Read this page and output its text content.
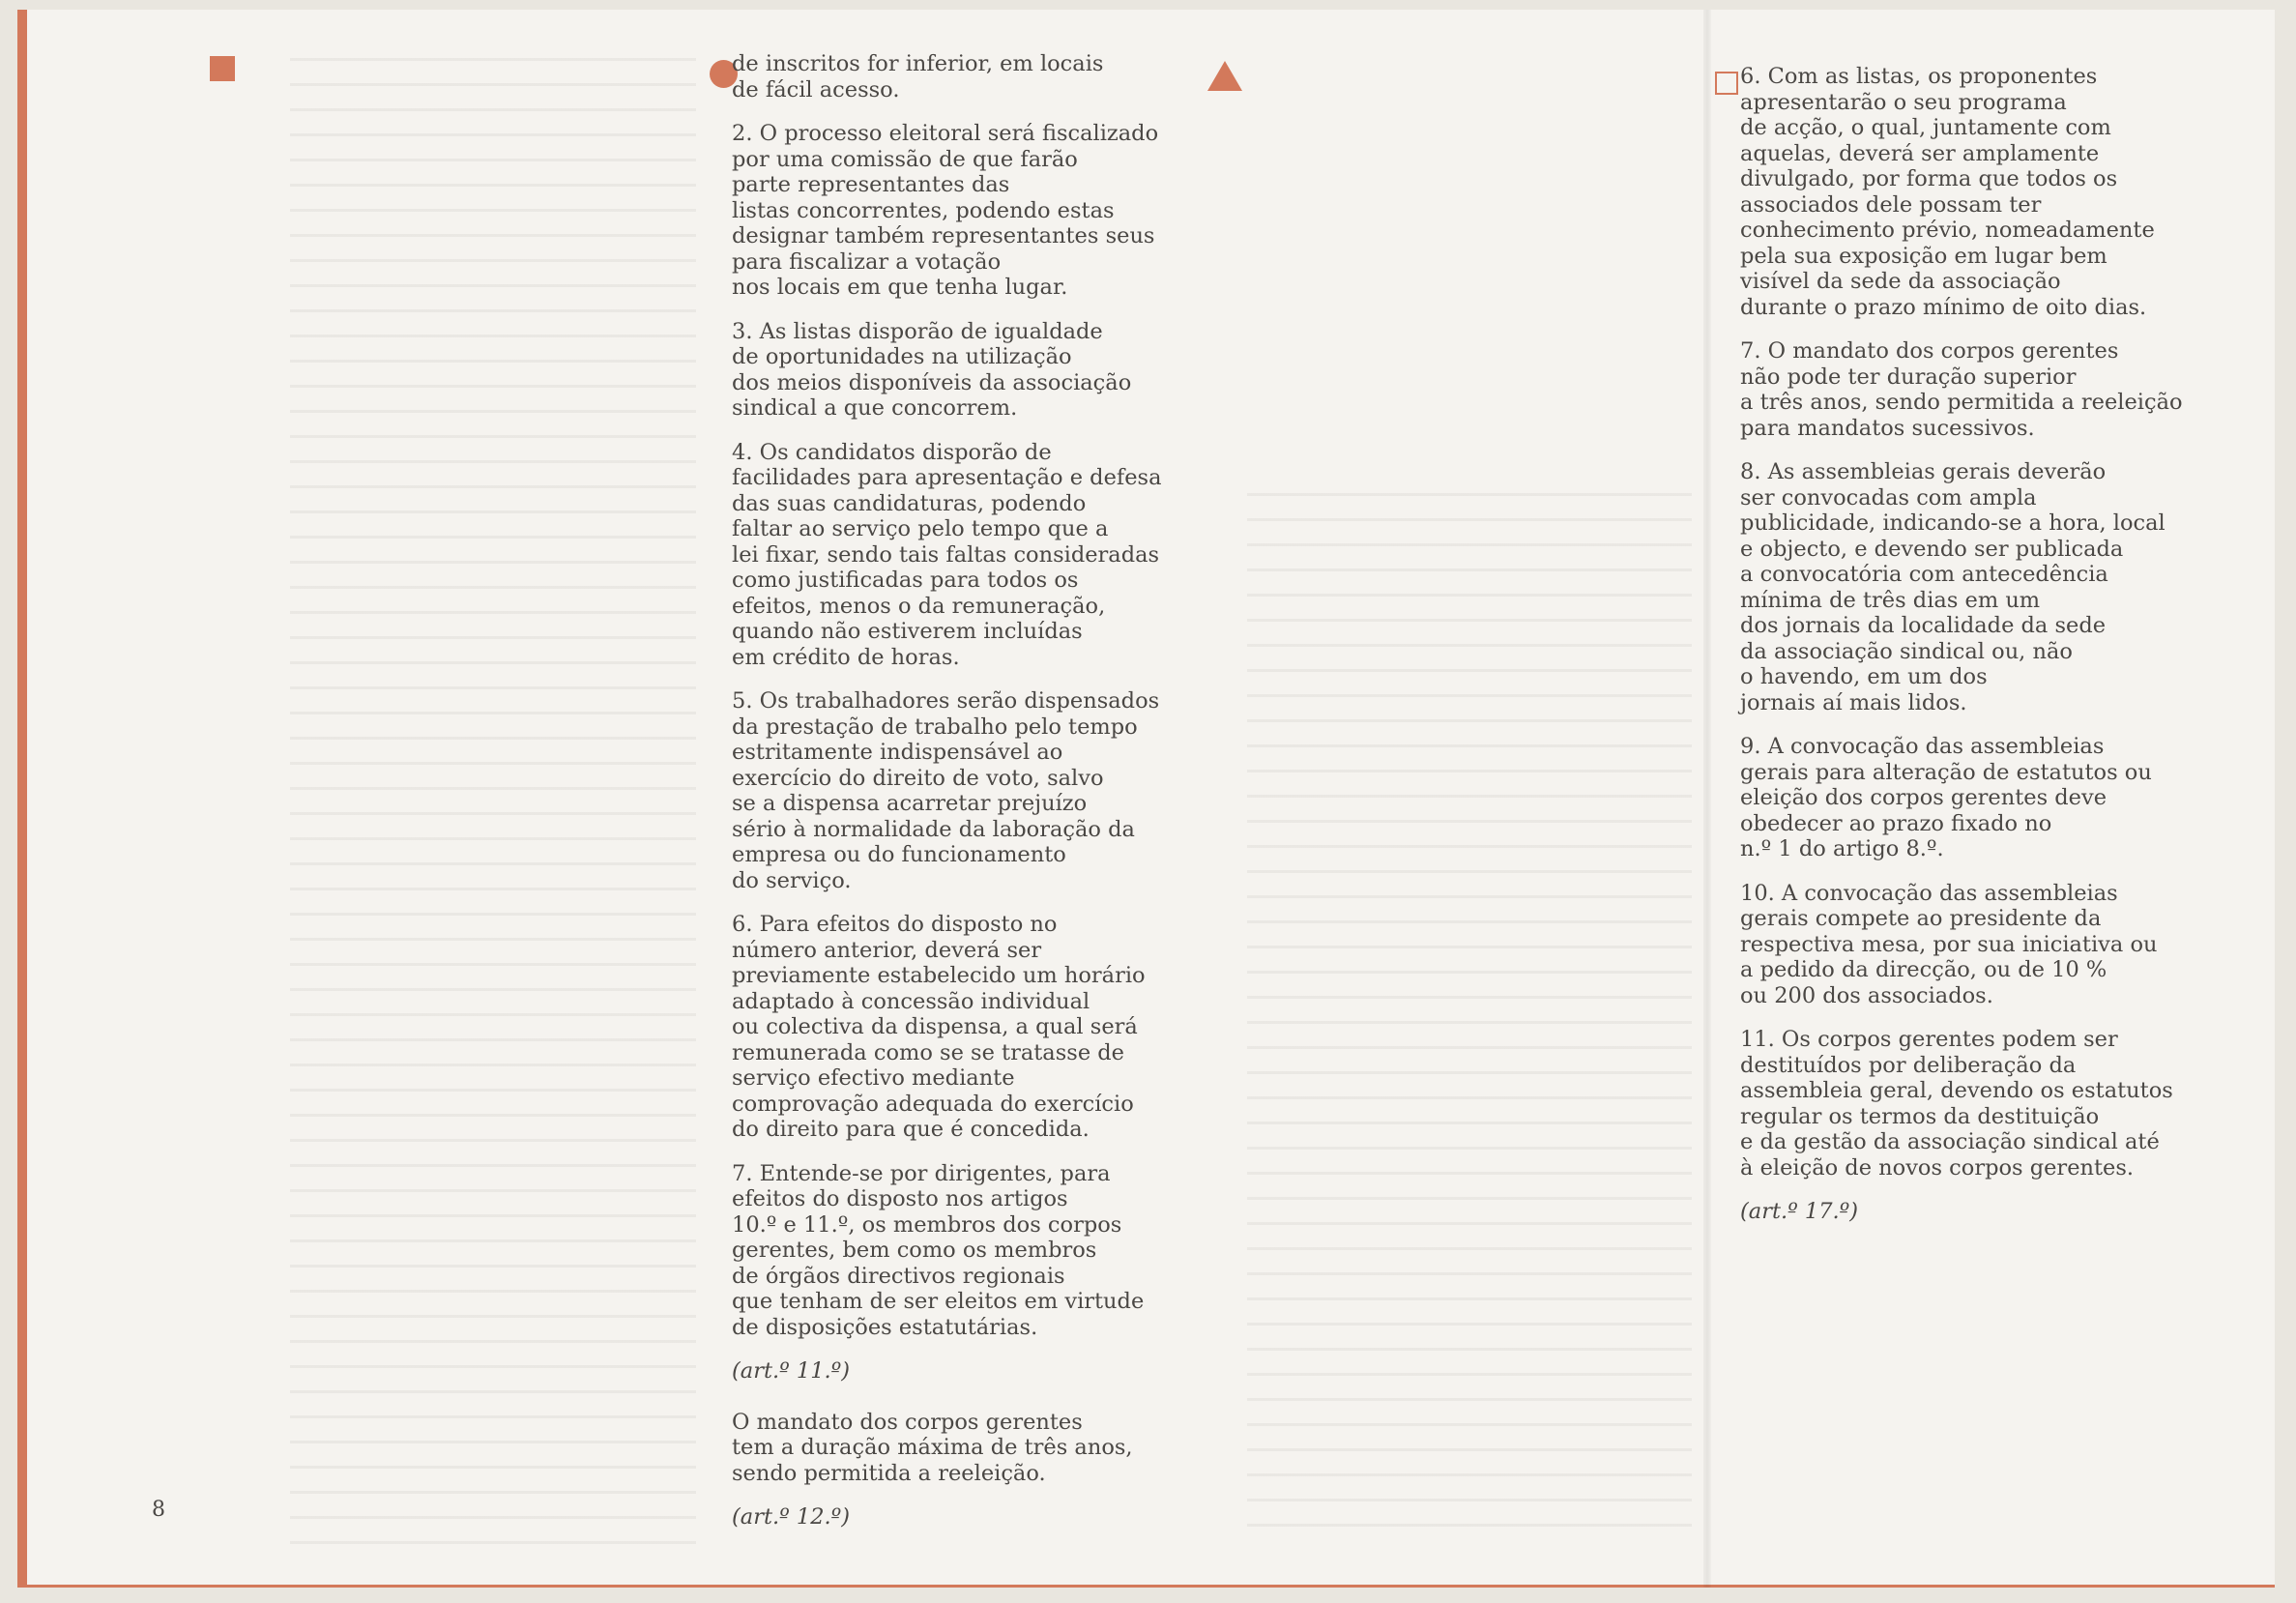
de inscritos for inferior, em locais
de fácil acesso.

2. O processo eleitoral será fiscalizado
por uma comissão de que farão
parte representantes das
listas concorrentes, podendo estas
designar também representantes seus
para fiscalizar a votação
nos locais em que tenha lugar.

3. As listas disporão de igualdade
de oportunidades na utilização
dos meios disponíveis da associação
sindical a que concorrem.

4. Os candidatos disporão de
facilidades para apresentação e defesa
das suas candidaturas, podendo
faltar ao serviço pelo tempo que a
lei fixar, sendo tais faltas consideradas
como justificadas para todos os
efeitos, menos o da remuneração,
quando não estiverem incluídas
em crédito de horas.

5. Os trabalhadores serão dispensados
da prestação de trabalho pelo tempo
estritamente indispensável ao
exercício do direito de voto, salvo
se a dispensa acarretar prejuízo
sério à normalidade da laboração da
empresa ou do funcionamento
do serviço.

6. Para efeitos do disposto no
número anterior, deverá ser
previamente estabelecido um horário
adaptado à concessão individual
ou colectiva da dispensa, a qual será
remunerada como se se tratasse de
serviço efectivo mediante
comprovação adequada do exercício
do direito para que é concedida.

7. Entende-se por dirigentes, para
efeitos do disposto nos artigos
10.º e 11.º, os membros dos corpos
gerentes, bem como os membros
de órgãos directivos regionais
que tenham de ser eleitos em virtude
de disposições estatutárias.

(art.º 11.º)

O mandato dos corpos gerentes
tem a duração máxima de três anos,
sendo permitida a reeleição.

(art.º 12.º)

6. Com as listas, os proponentes
apresentarão o seu programa
de acção, o qual, juntamente com
aquelas, deverá ser amplamente
divulgado, por forma que todos os
associados dele possam ter
conhecimento prévio, nomeadamente
pela sua exposição em lugar bem
visível da sede da associação
durante o prazo mínimo de oito dias.

7. O mandato dos corpos gerentes
não pode ter duração superior
a três anos, sendo permitida a reeleição
para mandatos sucessivos.

8. As assembleias gerais deverão
ser convocadas com ampla
publicidade, indicando-se a hora, local
e objecto, e devendo ser publicada
a convocatória com antecedência
mínima de três dias em um
dos jornais da localidade da sede
da associação sindical ou, não
o havendo, em um dos
jornais aí mais lidos.

9. A convocação das assembleias
gerais para alteração de estatutos ou
eleição dos corpos gerentes deve
obedecer ao prazo fixado no
n.º 1 do artigo 8.º.

10. A convocação das assembleias
gerais compete ao presidente da
respectiva mesa, por sua iniciativa ou
a pedido da direcção, ou de 10 %
ou 200 dos associados.

11. Os corpos gerentes podem ser
destituídos por deliberação da
assembleia geral, devendo os estatutos
regular os termos da destituição
e da gestão da associação sindical até
à eleição de novos corpos gerentes.

(art.º 17.º)

8
